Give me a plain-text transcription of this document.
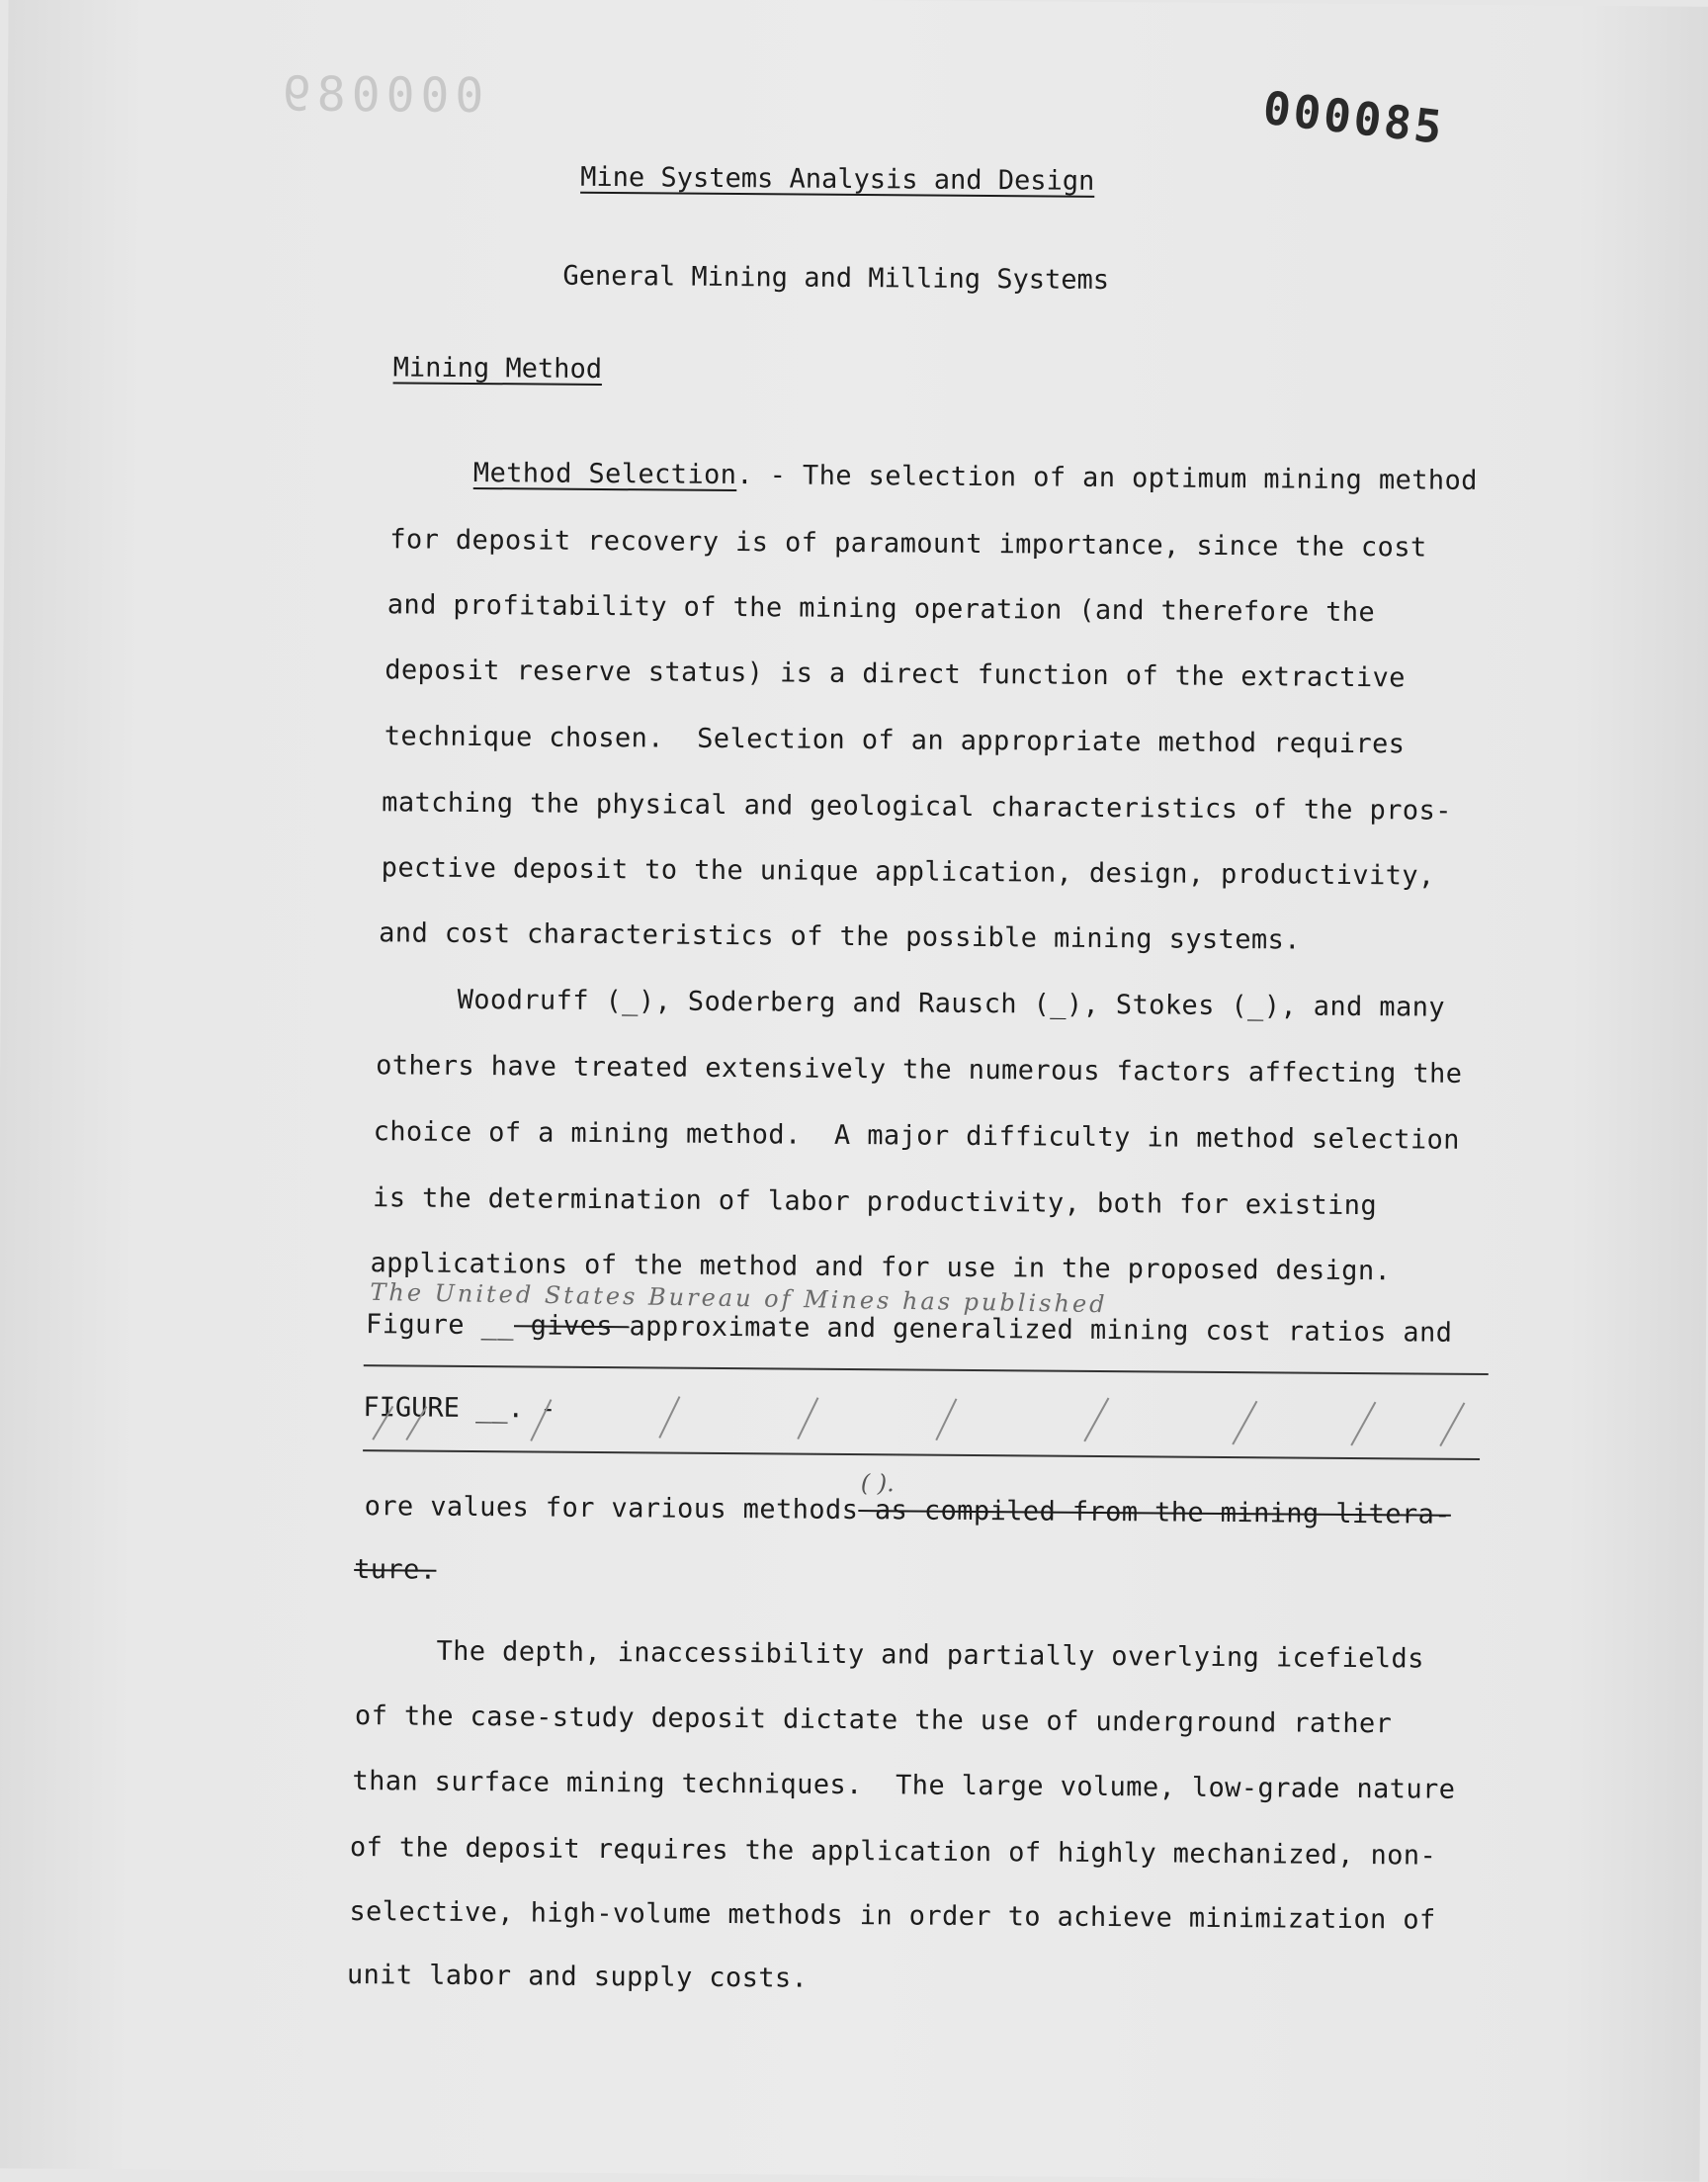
000089	000085
Mine Systems Analysis and Design
General Mining and Milling Systems
Mining Method
Method Selection. - The selection of an optimum mining method
for deposit recovery is of paramount importance, since the cost
and profitability of the mining operation (and therefore the
deposit reserve status) is a direct function of the extractive
technique chosen.  Selection of an appropriate method requires
matching the physical and geological characteristics of the pros-
pective deposit to the unique application, design, productivity,
and cost characteristics of the possible mining systems.
Woodruff (_), Soderberg and Rausch (_), Stokes (_), and many
others have treated extensively the numerous factors affecting the
choice of a mining method.  A major difficulty in method selection
is the determination of labor productivity, both for existing
applications of the method and for use in the proposed design.
The United States Bureau of Mines has published
Figure __ gives approximate and generalized mining cost ratios and
FIGURE __. -
( ).
ore values for various methods as compiled from the mining litera-
ture.
The depth, inaccessibility and partially overlying icefields
of the case-study deposit dictate the use of underground rather
than surface mining techniques.  The large volume, low-grade nature
of the deposit requires the application of highly mechanized, non-
selective, high-volume methods in order to achieve minimization of
unit labor and supply costs.
